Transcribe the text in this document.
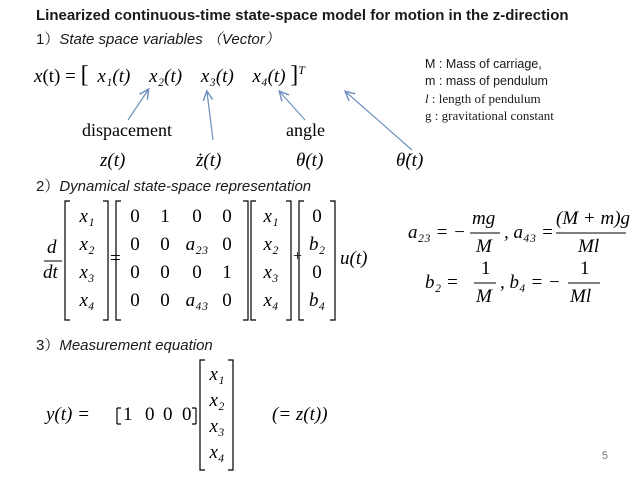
Linearized continuous-time state-space model for motion in the z-direction
1）State space variables （Vector）
x(t) = [ x₁(t) x₂(t) x₃(t) x₄(t) ]$^T$	M : Mass of carriage,
m : mass of pendulum
l : length of pendulum
g : gravitational constant
dispacement	angle
z(t)	ż(t)	θ(t)	θ̇(t)
2）Dynamical state-space representation
d
dt
x₁
x₂
x₃
x₄
=
0	1	0	0
0	0 a₂₃ 0
0	0	0	1
0	0 a₄₃ 0
x₁
x₂
x₃
x₄
+
0
b₂
0
b₄
u(t)
a₂₃ = −
mg
M
, a₄₃ =
(M + m)g
Ml
b₂ =
1
M
, b₄ = −
1
Ml
3）Measurement equation
y(t) = 1 0 0 0
x₁
x₂
x₃
x₄
(= z(t))
5
